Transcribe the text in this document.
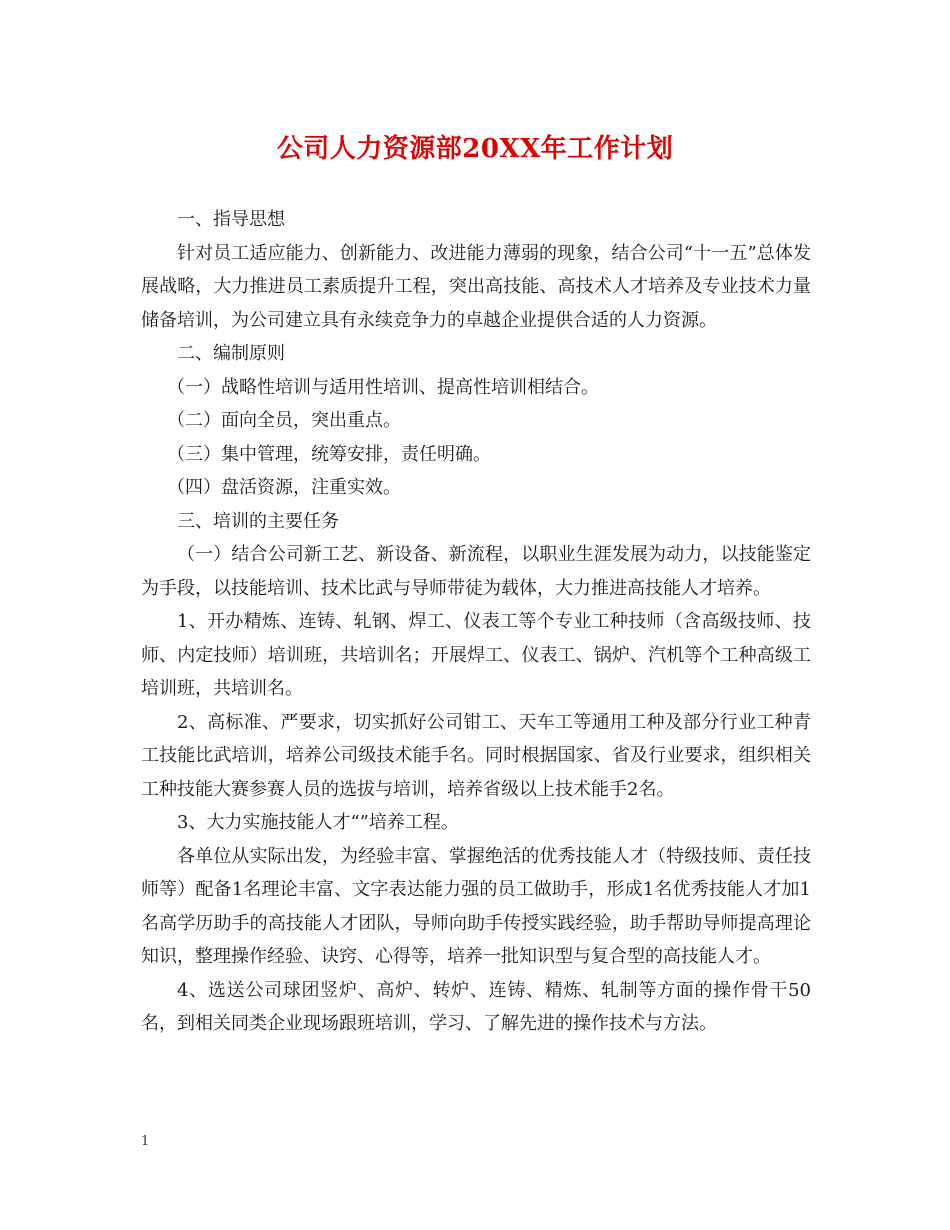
公司人力资源部20XX年工作计划

一、指导思想

针对员工适应能力、创新能力、改进能力薄弱的现象，结合公司“十一五”总体发展战略，大力推进员工素质提升工程，突出高技能、高技术人才培养及专业技术力量储备培训，为公司建立具有永续竞争力的卓越企业提供合适的人力资源。

二、编制原则

（一）战略性培训与适用性培训、提高性培训相结合。

（二）面向全员，突出重点。

（三）集中管理，统筹安排，责任明确。

（四）盘活资源，注重实效。

三、培训的主要任务

（一）结合公司新工艺、新设备、新流程，以职业生涯发展为动力，以技能鉴定为手段，以技能培训、技术比武与导师带徒为载体，大力推进高技能人才培养。

1、开办精炼、连铸、轧钢、焊工、仪表工等个专业工种技师（含高级技师、技师、内定技师）培训班，共培训名；开展焊工、仪表工、锅炉、汽机等个工种高级工培训班，共培训名。

2、高标准、严要求，切实抓好公司钳工、天车工等通用工种及部分行业工种青工技能比武培训，培养公司级技术能手名。同时根据国家、省及行业要求，组织相关工种技能大赛参赛人员的选拔与培训，培养省级以上技术能手2名。

3、大力实施技能人才“”培养工程。

各单位从实际出发，为经验丰富、掌握绝活的优秀技能人才（特级技师、责任技师等）配备1名理论丰富、文字表达能力强的员工做助手，形成1名优秀技能人才加1名高学历助手的高技能人才团队，导师向助手传授实践经验，助手帮助导师提高理论知识，整理操作经验、诀窍、心得等，培养一批知识型与复合型的高技能人才。

4、选送公司球团竖炉、高炉、转炉、连铸、精炼、轧制等方面的操作骨干50名，到相关同类企业现场跟班培训，学习、了解先进的操作技术与方法。

1
